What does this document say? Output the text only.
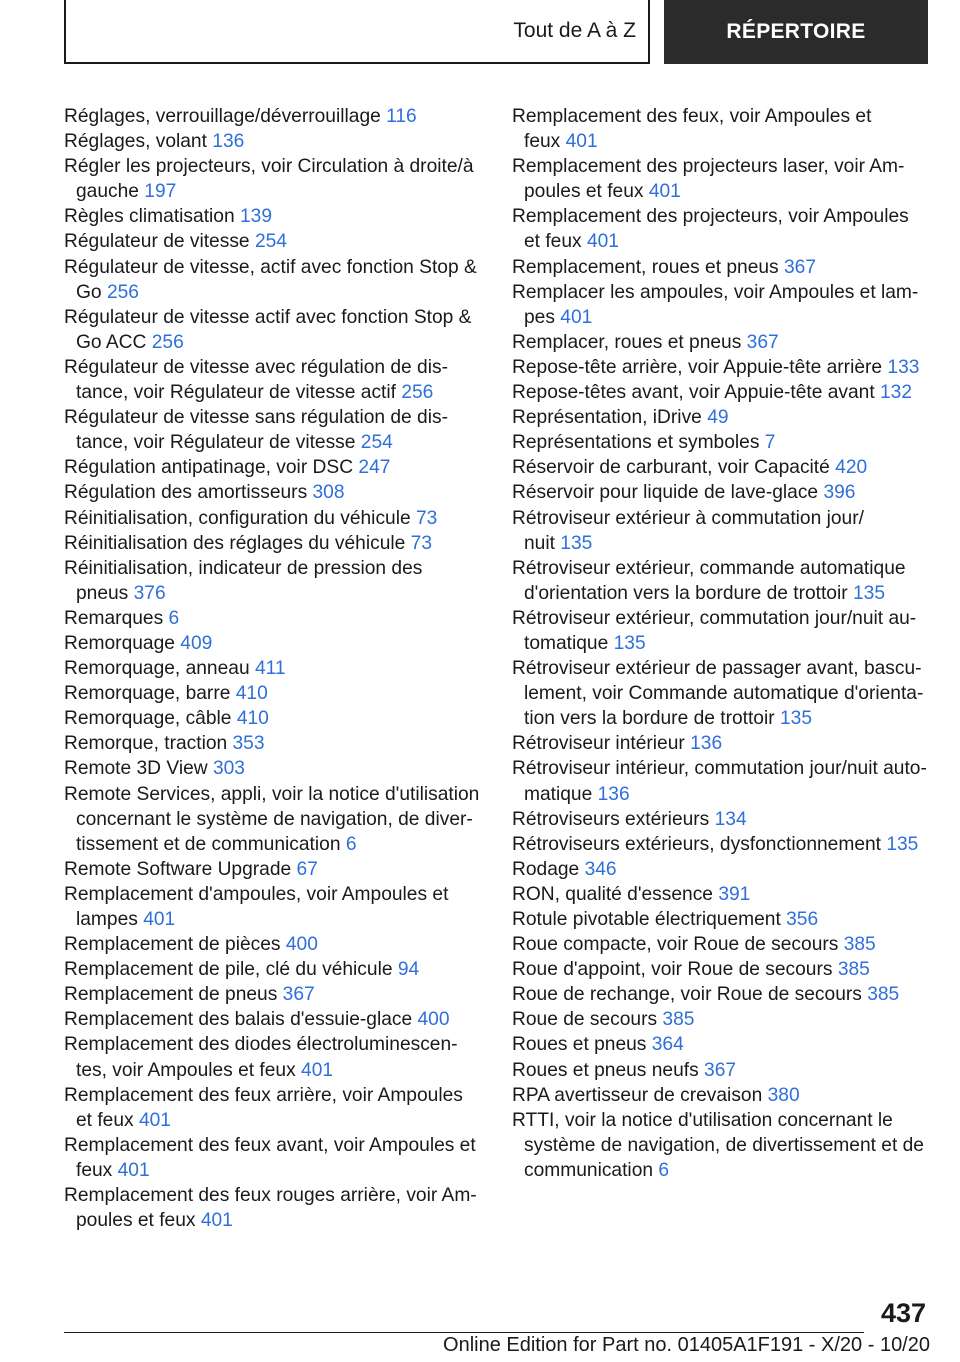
Tout de A à Z	RÉPERTOIRE
Réglages, verrouillage/déverrouillage 116
Réglages, volant 136
Régler les projecteurs, voir Circulation à droite/à
gauche 197
Règles climatisation 139
Régulateur de vitesse 254
Régulateur de vitesse, actif avec fonction Stop &
Go 256
Régulateur de vitesse actif avec fonction Stop &
Go ACC 256
Régulateur de vitesse avec régulation de dis-
tance, voir Régulateur de vitesse actif 256
Régulateur de vitesse sans régulation de dis-
tance, voir Régulateur de vitesse 254
Régulation antipatinage, voir DSC 247
Régulation des amortisseurs 308
Réinitialisation, configuration du véhicule 73
Réinitialisation des réglages du véhicule 73
Réinitialisation, indicateur de pression des
pneus 376
Remarques 6
Remorquage 409
Remorquage, anneau 411
Remorquage, barre 410
Remorquage, câble 410
Remorque, traction 353
Remote 3D View 303
Remote Services, appli, voir la notice d'utilisation
concernant le système de navigation, de diver-
tissement et de communication 6
Remote Software Upgrade 67
Remplacement d'ampoules, voir Ampoules et
lampes 401
Remplacement de pièces 400
Remplacement de pile, clé du véhicule 94
Remplacement de pneus 367
Remplacement des balais d'essuie-glace 400
Remplacement des diodes électroluminescen-
tes, voir Ampoules et feux 401
Remplacement des feux arrière, voir Ampoules
et feux 401
Remplacement des feux avant, voir Ampoules et
feux 401
Remplacement des feux rouges arrière, voir Am-
poules et feux 401
Remplacement des feux, voir Ampoules et
feux 401
Remplacement des projecteurs laser, voir Am-
poules et feux 401
Remplacement des projecteurs, voir Ampoules
et feux 401
Remplacement, roues et pneus 367
Remplacer les ampoules, voir Ampoules et lam-
pes 401
Remplacer, roues et pneus 367
Repose-tête arrière, voir Appuie-tête arrière 133
Repose-têtes avant, voir Appuie-tête avant 132
Représentation, iDrive 49
Représentations et symboles 7
Réservoir de carburant, voir Capacité 420
Réservoir pour liquide de lave-glace 396
Rétroviseur extérieur à commutation jour/
nuit 135
Rétroviseur extérieur, commande automatique
d'orientation vers la bordure de trottoir 135
Rétroviseur extérieur, commutation jour/nuit au-
tomatique 135
Rétroviseur extérieur de passager avant, bascu-
lement, voir Commande automatique d'orienta-
tion vers la bordure de trottoir 135
Rétroviseur intérieur 136
Rétroviseur intérieur, commutation jour/nuit auto-
matique 136
Rétroviseurs extérieurs 134
Rétroviseurs extérieurs, dysfonctionnement 135
Rodage 346
RON, qualité d'essence 391
Rotule pivotable électriquement 356
Roue compacte, voir Roue de secours 385
Roue d'appoint, voir Roue de secours 385
Roue de rechange, voir Roue de secours 385
Roue de secours 385
Roues et pneus 364
Roues et pneus neufs 367
RPA avertisseur de crevaison 380
RTTI, voir la notice d'utilisation concernant le
système de navigation, de divertissement et de
communication 6
437
Online Edition for Part no. 01405A1F191 - X/20 - 10/20
